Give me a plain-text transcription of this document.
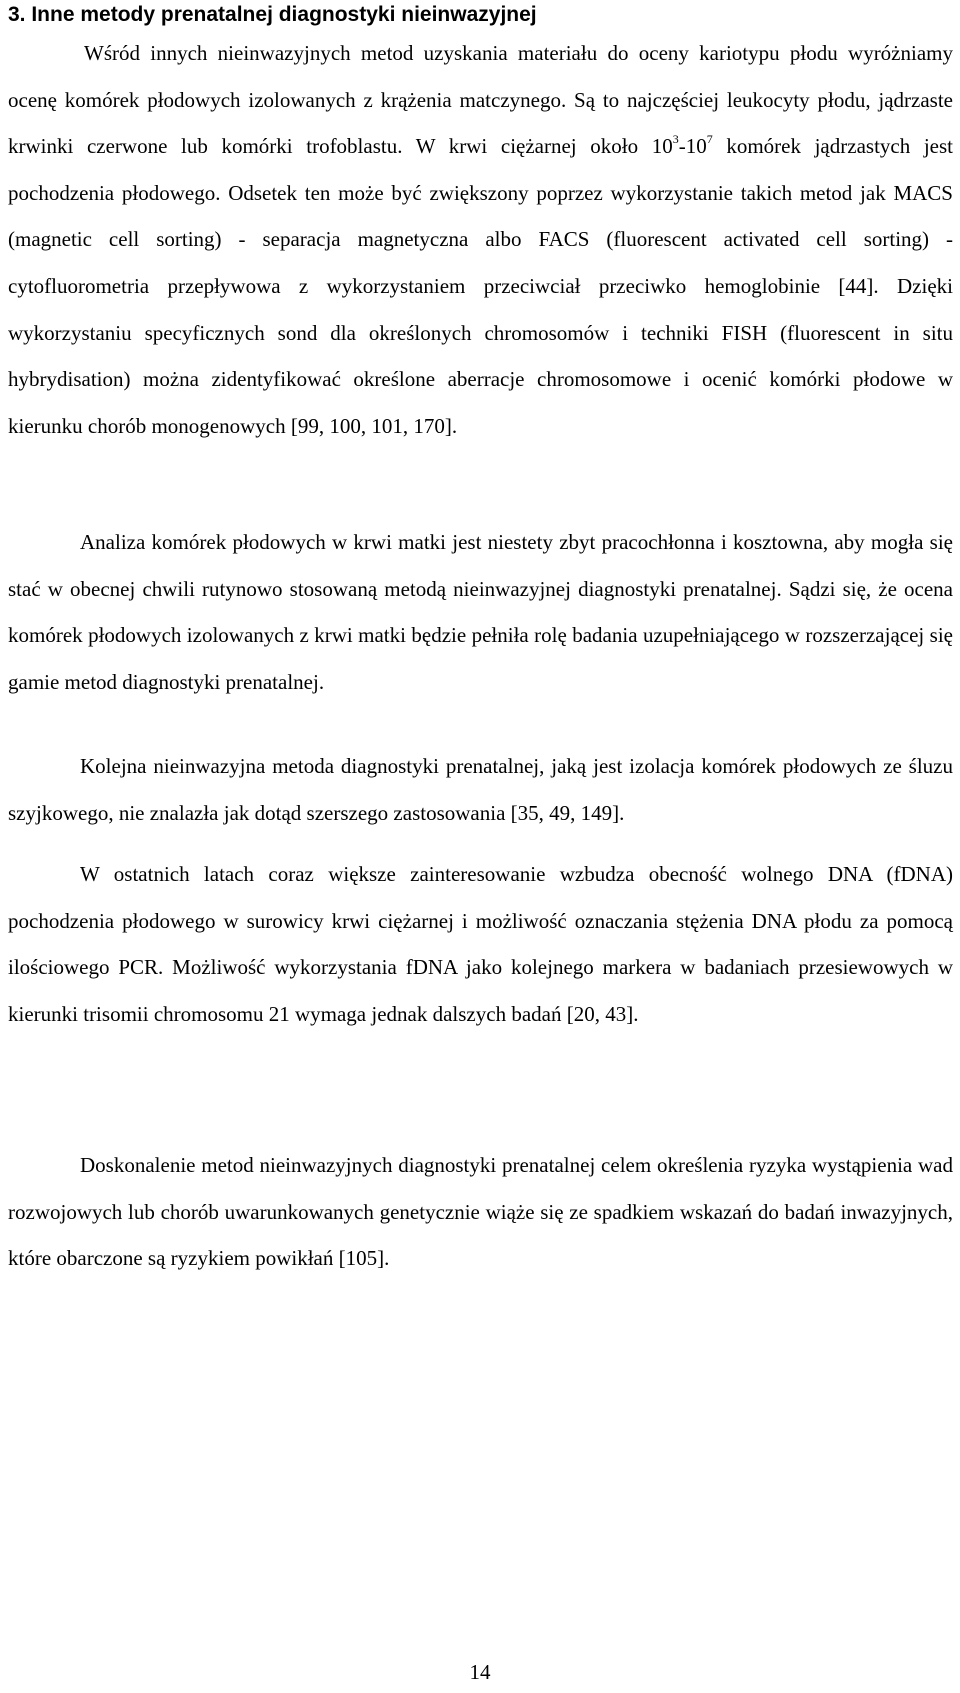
3. Inne metody prenatalnej diagnostyki nieinwazyjnej

Wśród innych nieinwazyjnych metod uzyskania materiału do oceny kariotypu płodu wyróżniamy ocenę komórek płodowych izolowanych z krążenia matczynego. Są to najczęściej leukocyty płodu, jądrzaste krwinki czerwone lub komórki trofoblastu. W krwi ciężarnej około $10^3-10^7$ komórek jądrzastych jest pochodzenia płodowego. Odsetek ten może być zwiększony poprzez wykorzystanie takich metod jak MACS (magnetic cell sorting) - separacja magnetyczna albo FACS (fluorescent activated cell sorting) - cytofluorometria przepływowa z wykorzystaniem przeciwciał przeciwko hemoglobinie [44]. Dzięki wykorzystaniu specyficznych sond dla określonych chromosomów i techniki FISH (fluorescent in situ hybrydisation) można zidentyfikować określone aberracje chromosomowe i ocenić komórki płodowe w kierunku chorób monogenowych [99, 100, 101, 170].

Analiza komórek płodowych w krwi matki jest niestety zbyt pracochłonna i kosztowna, aby mogła się stać w obecnej chwili rutynowo stosowaną metodą nieinwazyjnej diagnostyki prenatalnej. Sądzi się, że ocena komórek płodowych izolowanych z krwi matki będzie pełniła rolę badania uzupełniającego w rozszerzającej się gamie metod diagnostyki prenatalnej.

Kolejna nieinwazyjna metoda diagnostyki prenatalnej, jaką jest izolacja komórek płodowych ze śluzu szyjkowego, nie znalazła jak dotąd szerszego zastosowania [35, 49, 149].

W ostatnich latach coraz większe zainteresowanie wzbudza obecność wolnego DNA (fDNA) pochodzenia płodowego w surowicy krwi ciężarnej i możliwość oznaczania stężenia DNA płodu za pomocą ilościowego PCR. Możliwość wykorzystania fDNA jako kolejnego markera w badaniach przesiewowych w kierunki trisomii chromosomu 21 wymaga jednak dalszych badań [20, 43].

Doskonalenie metod nieinwazyjnych diagnostyki prenatalnej celem określenia ryzyka wystąpienia wad rozwojowych lub chorób uwarunkowanych genetycznie wiąże się ze spadkiem wskazań do badań inwazyjnych, które obarczone są ryzykiem powikłań [105].

14
